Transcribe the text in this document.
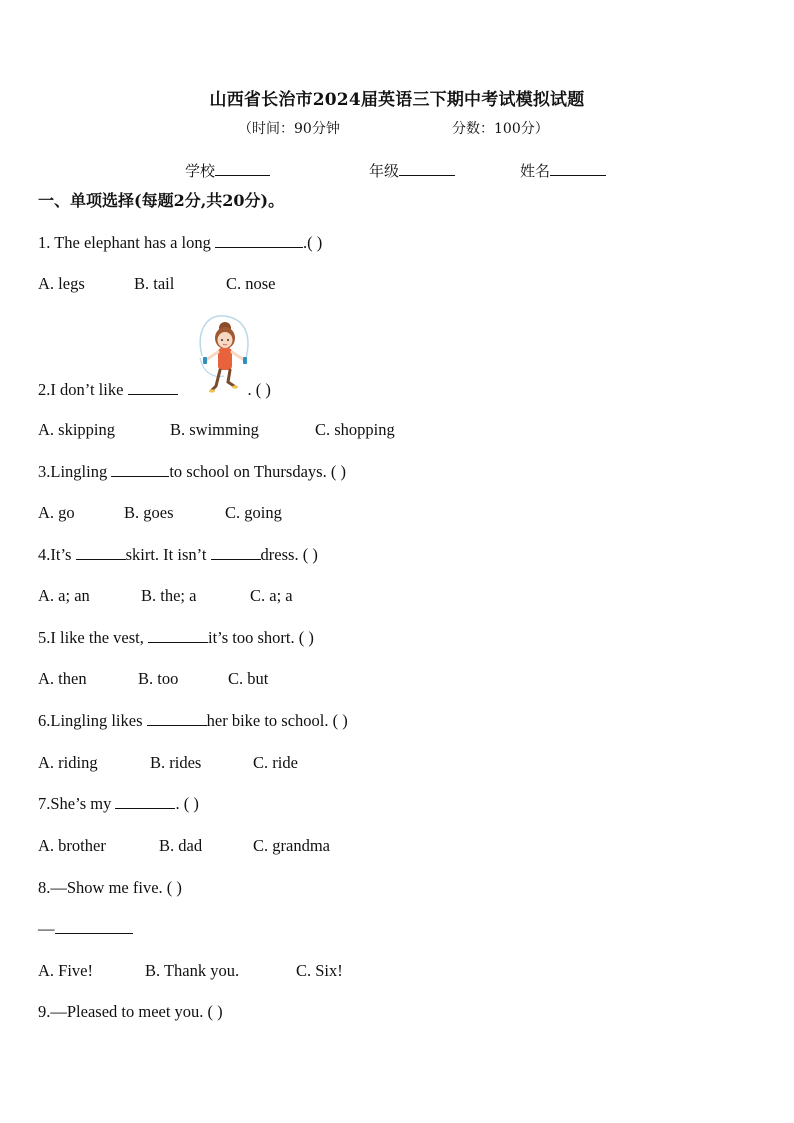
山西省长治市2024届英语三下期中考试模拟试题
（时间：90分钟	分数：100分）
学校	年级	姓名
一、单项选择(每题2分,共20分)。
1. The elephant has a long	.( )
A. legs	B. tail	C. nose
2.I don’t like	. ( )
A. skipping	B. swimming	C. shopping
3.Lingling	to school on Thursdays. ( )
A. go	B. goes	C. going
4.It’s	skirt. It isn’t	dress. ( )
A. a; an	B. the; a	C. a; a
5.I like the vest,	it’s too short. ( )
A. then	B. too	C. but
6.Lingling likes	her bike to school. ( )
A. riding	B. rides	C. ride
7.She’s my	. ( )
A. brother	B. dad	C. grandma
8.—Show me five. ( )
—
A. Five!	B. Thank you.	C. Six!
9.—Pleased to meet you. ( )
